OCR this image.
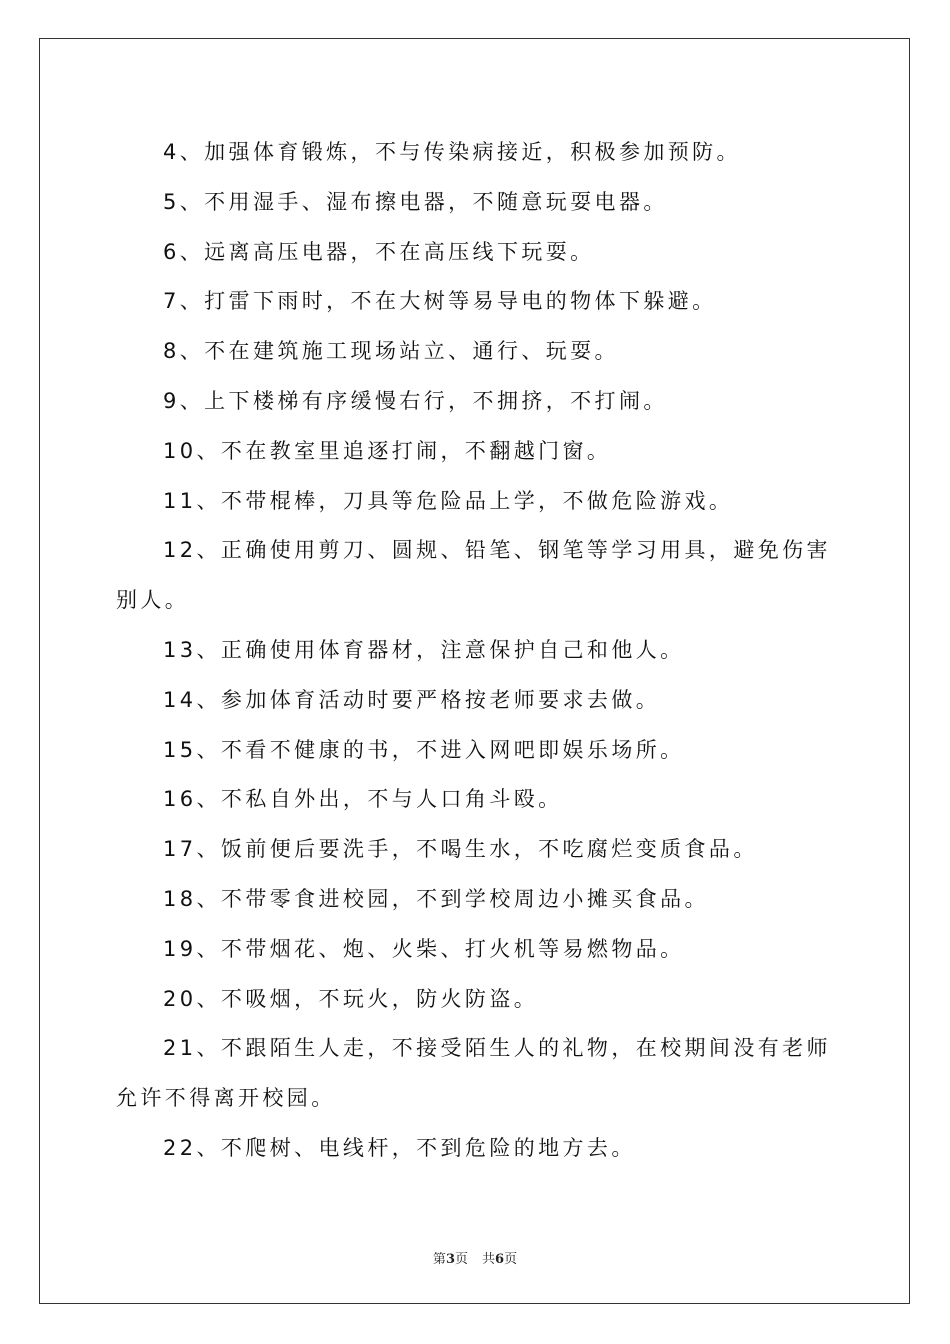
4、加强体育锻炼，不与传染病接近，积极参加预防。

5、不用湿手、湿布擦电器，不随意玩耍电器。

6、远离高压电器，不在高压线下玩耍。

7、打雷下雨时，不在大树等易导电的物体下躲避。

8、不在建筑施工现场站立、通行、玩耍。

9、上下楼梯有序缓慢右行，不拥挤，不打闹。

10、不在教室里追逐打闹，不翻越门窗。

11、不带棍棒，刀具等危险品上学，不做危险游戏。

12、正确使用剪刀、圆规、铅笔、钢笔等学习用具，避免伤害别人。

13、正确使用体育器材，注意保护自己和他人。

14、参加体育活动时要严格按老师要求去做。

15、不看不健康的书，不进入网吧即娱乐场所。

16、不私自外出，不与人口角斗殴。

17、饭前便后要洗手，不喝生水，不吃腐烂变质食品。

18、不带零食进校园，不到学校周边小摊买食品。

19、不带烟花、炮、火柴、打火机等易燃物品。

20、不吸烟，不玩火，防火防盗。

21、不跟陌生人走，不接受陌生人的礼物，在校期间没有老师允许不得离开校园。

22、不爬树、电线杆，不到危险的地方去。

第3页 共6页
